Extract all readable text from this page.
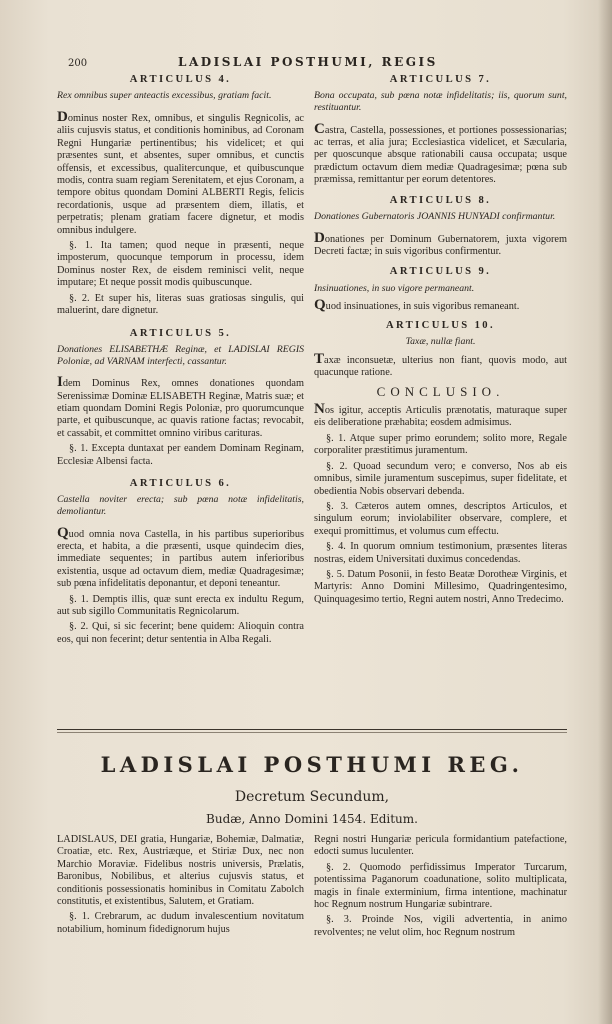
200	LADISLAI POSTHUMI, REGIS
ARTICULUS 4.
Rex omnibus super anteactis excessibus, gratiam facit.

Dominus noster Rex, omnibus, et singulis Regnicolis, ac aliis cujusvis status, et conditionis hominibus, ad Coronam Regni Hungariæ pertinentibus; his videlicet; et qui præsentes sunt, et absentes, super omnibus, et cunctis offensis, et excessibus, qualitercunque, et quibuscunque modis, contra suam regiam Serenitatem, et ejus Coronam, a tempore obitus quondam Domini ALBERTI Regis, felicis recordationis, usque ad præsentem diem, illatis, et perpetratis; plenam gratiam facere dignetur, et modis omnibus indulgere.

§. 1. Ita tamen; quod neque in præsenti, neque imposterum, quocunque temporum in processu, idem Dominus noster Rex, de eisdem reminisci velit, neque imputare; Et neque possit modis quibuscunque.

§. 2. Et super his, literas suas gratiosas singulis, qui maluerint, dare dignetur.

ARTICULUS 5.
Donationes ELISABETHÆ Reginæ, et LADISLAI REGIS Poloniæ, ad VARNAM interfecti, cassantur.

Idem Dominus Rex, omnes donationes quondam Serenissimæ Dominæ ELISABETH Reginæ, Matris suæ; et etiam quondam Domini Regis Poloniæ, pro quorumcunque parte, et quibuscunque, ac quavis ratione factas; revocabit, et cassabit, et committet omnino viribus carituras.

§. 1. Excepta duntaxat per eandem Dominam Reginam, Ecclesiæ Albensi facta.

ARTICULUS 6.
Castella noviter erecta; sub pœna notæ infidelitatis, demoliantur.

Quod omnia nova Castella, in his partibus superioribus erecta, et habita, a die præsenti, usque quindecim dies, immediate sequentes; in partibus autem inferioribus existentia, usque ad octavum diem, mediæ Quadragesimæ; sub pœna infidelitatis deponantur, et deponi teneantur.

§. 1. Demptis illis, quæ sunt erecta ex indultu Regum, aut sub sigillo Communitatis Regnicolarum.

§. 2. Qui, si sic fecerint; bene quidem: Alioquin contra eos, qui non fecerint; detur sententia in Alba Regali.

ARTICULUS 7.
Bona occupata, sub pœna notæ infidelitatis; iis, quorum sunt, restituantur.

Castra, Castella, possessiones, et portiones possessionarias; ac terras, et alia jura; Ecclesiastica videlicet, et Sæcularia, per quoscunque absque rationabili causa occupata; usque prædictum octavum diem mediæ Quadragesimæ; pœna sub præmissa, remittantur per eorum detentores.

ARTICULUS 8.
Donationes Gubernatoris JOANNIS HUNYADI confirmantur.

Donationes per Dominum Gubernatorem, juxta vigorem Decreti factæ; in suis vigoribus confirmentur.

ARTICULUS 9.
Insinuationes, in suo vigore permaneant.

Quod insinuationes, in suis vigoribus remaneant.

ARTICULUS 10.
Taxæ, nullæ fiant.

Taxæ inconsuetæ, ulterius non fiant, quovis modo, aut quacunque ratione.

CONCLUSIO.

Nos igitur, acceptis Articulis prænotatis, maturaque super eis deliberatione præhabita; eosdem admisimus.

§. 1. Atque super primo eorundem; solito more, Regale corporaliter præstitimus juramentum.

§. 2. Quoad secundum vero; e converso, Nos ab eis omnibus, simile juramentum suscepimus, super fidelitate, et obedientia Nobis observari debenda.

§. 3. Cæteros autem omnes, descriptos Articulos, et singulum eorum; inviolabiliter observare, complere, et exequi promittimus, et volumus cum effectu.

§. 4. In quorum omnium testimonium, præsentes literas nostras, eidem Universitati duximus concedendas.

§. 5. Datum Posonii, in festo Beatæ Dorotheæ Virginis, et Martyris: Anno Domini Millesimo, Quadringentesimo, Quinquagesimo tertio, Regni autem nostri, Anno Tredecimo.

LADISLAI POSTHUMI REG.
Decretum Secundum,
Budæ, Anno Domini 1454. Editum.

LADISLAUS, DEI gratia, Hungariæ, Bohemiæ, Dalmatiæ, Croatiæ, etc. Rex, Austriæque, et Stiriæ Dux, nec non Marchio Moraviæ. Fidelibus nostris universis, Prælatis, Baronibus, Nobilibus, et alterius cujusvis status, et conditionis possessionatis hominibus in Comitatu Zabolch constitutis, et existentibus, Salutem, et Gratiam.

§. 1. Crebrarum, ac dudum invalescentium novitatum notabilium, hominum fidedignorum hujus

Regni nostri Hungariæ pericula formidantium patefactione, edocti sumus luculenter.

§. 2. Quomodo perfidissimus Imperator Turcarum, potentissima Paganorum coadunatione, solito multiplicata, magis in finale exterminium, firma intentione, machinatur hoc Regnum nostrum Hungariæ subintrare.

§. 3. Proinde Nos, vigili advertentia, in animo revolventes; ne velut olim, hoc Regnum nostrum
